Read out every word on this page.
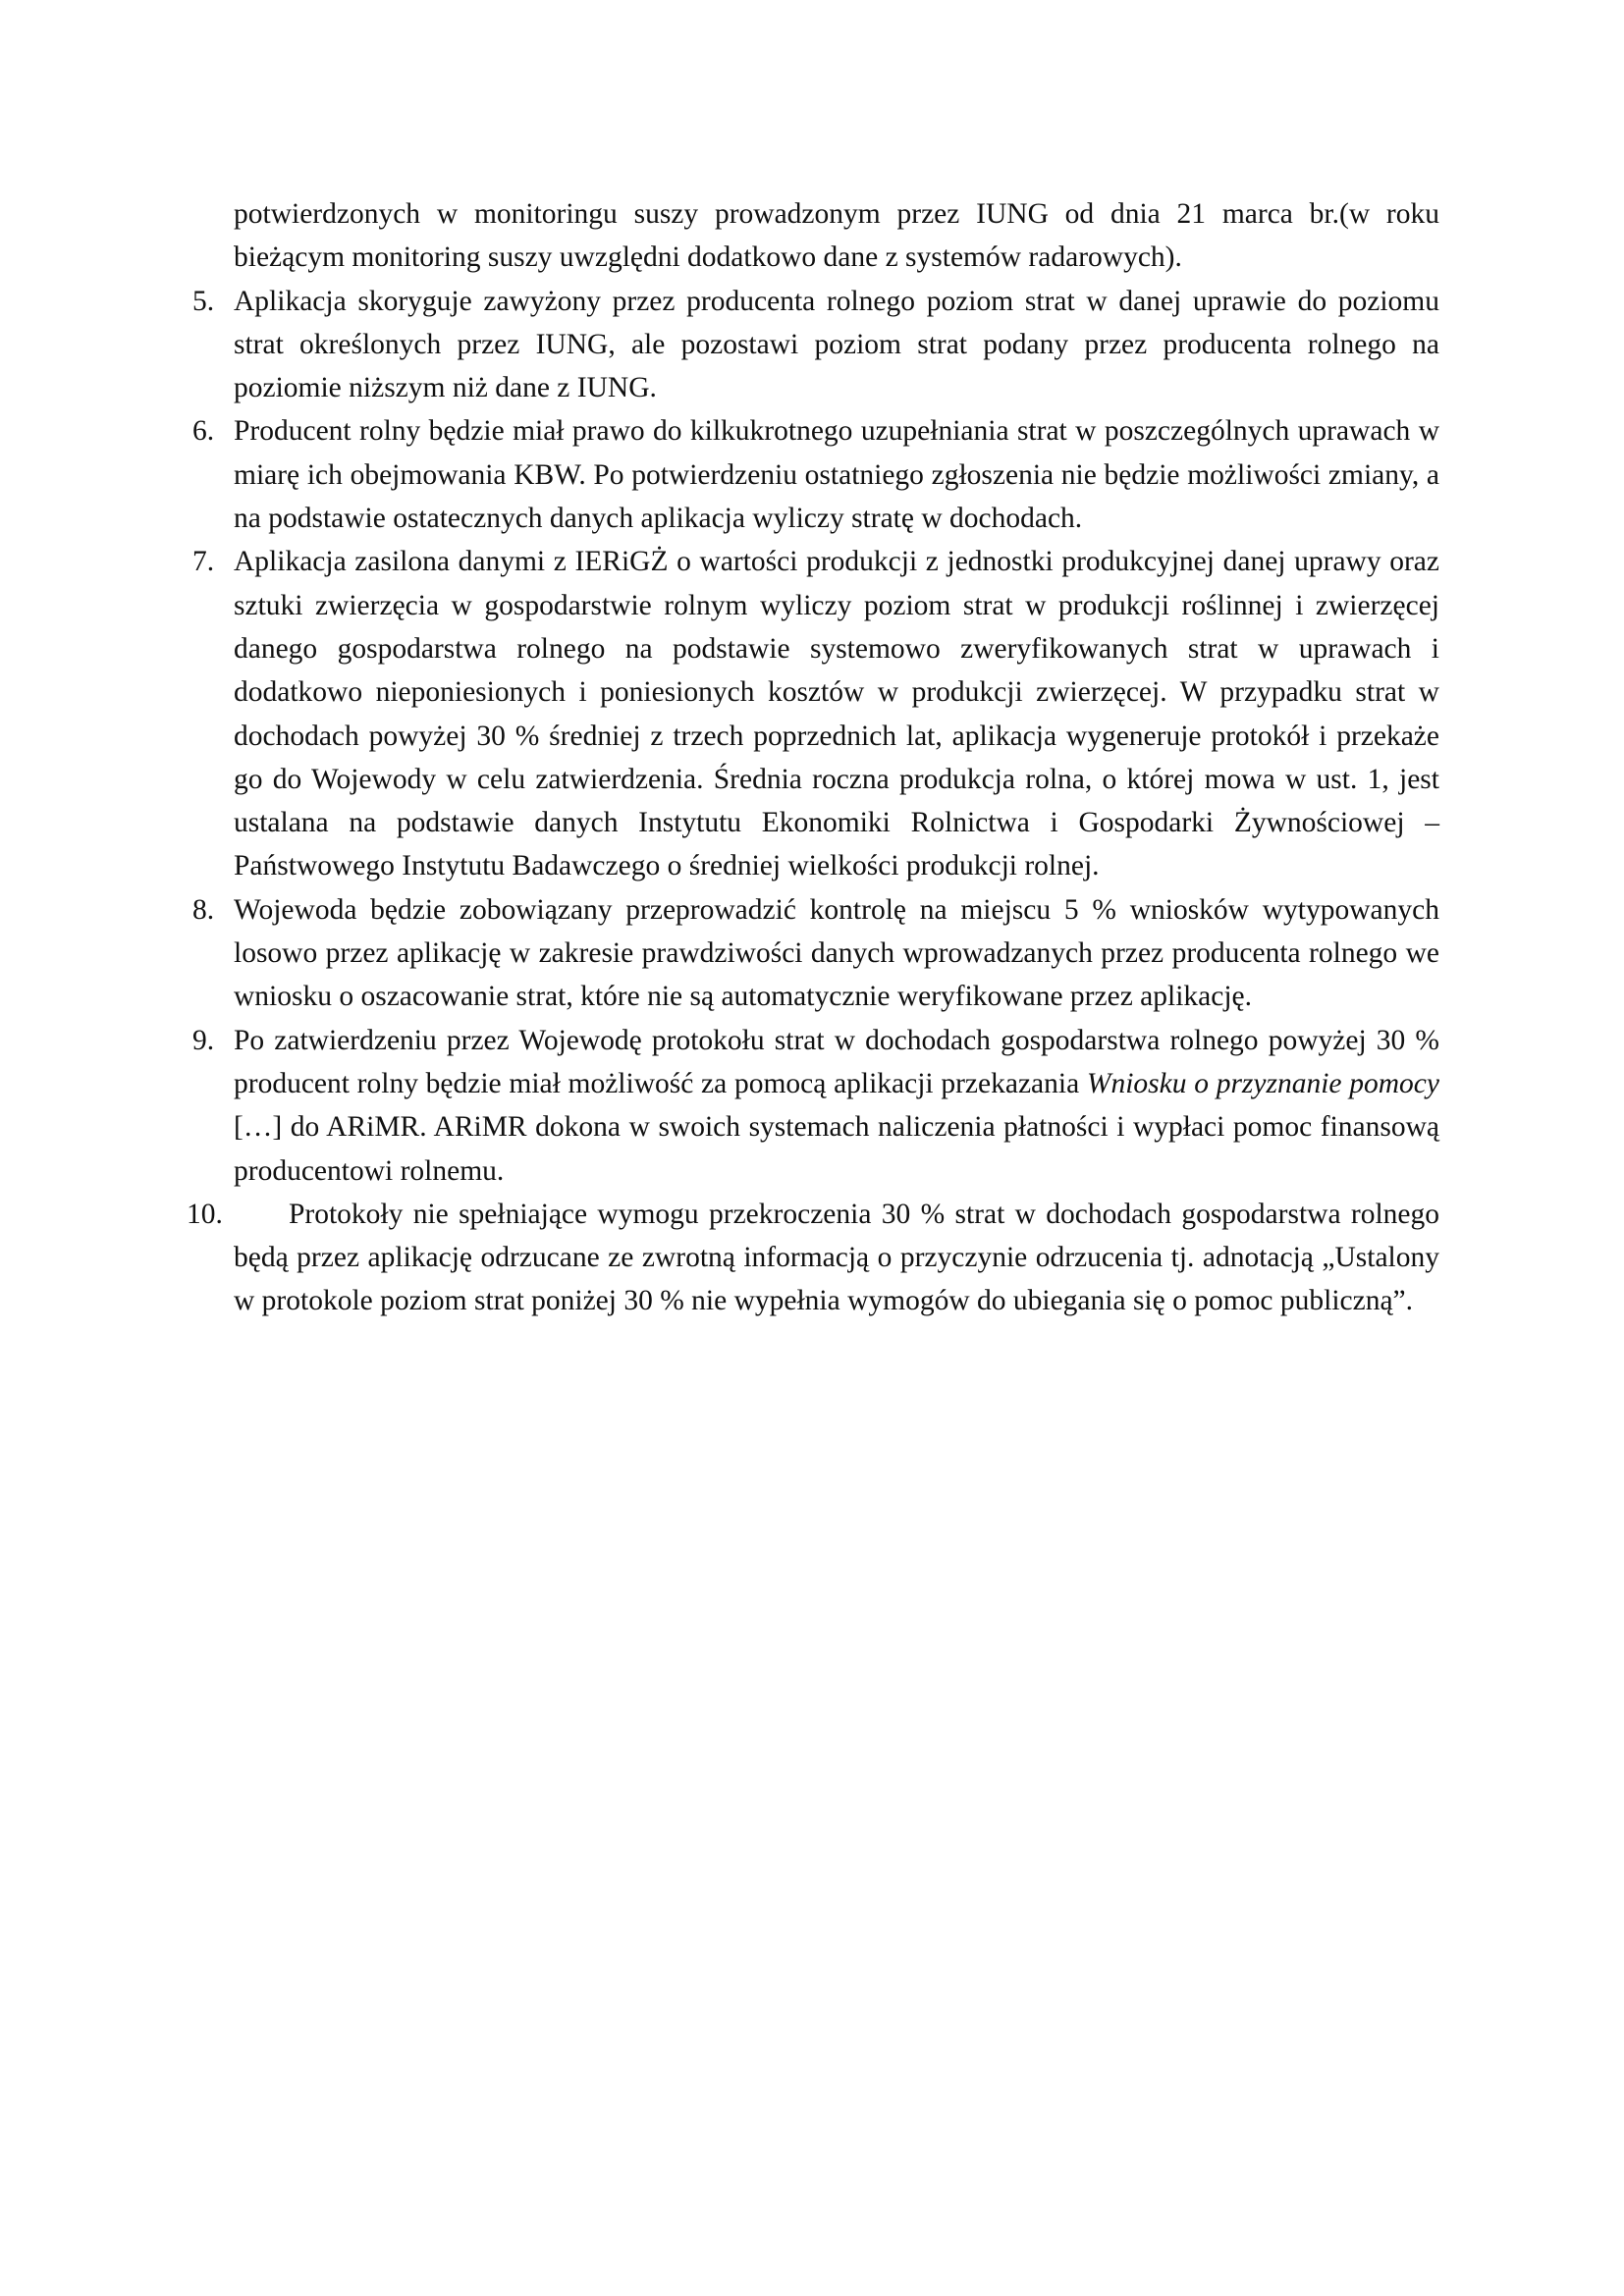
potwierdzonych w monitoringu suszy prowadzonym przez IUNG od dnia 21 marca br.(w roku bieżącym monitoring suszy uwzględni dodatkowo dane z systemów radarowych).

5. Aplikacja skoryguje zawyżony przez producenta rolnego poziom strat w danej uprawie do poziomu strat określonych przez IUNG, ale pozostawi poziom strat podany przez producenta rolnego na poziomie niższym niż dane z IUNG.
6. Producent rolny będzie miał prawo do kilkukrotnego uzupełniania strat w poszczególnych uprawach w miarę ich obejmowania KBW. Po potwierdzeniu ostatniego zgłoszenia nie będzie możliwości zmiany, a na podstawie ostatecznych danych aplikacja wyliczy stratę w dochodach.
7. Aplikacja zasilona danymi z IERiGŻ o wartości produkcji z jednostki produkcyjnej danej uprawy oraz sztuki zwierzęcia w gospodarstwie rolnym wyliczy poziom strat w produkcji roślinnej i zwierzęcej danego gospodarstwa rolnego na podstawie systemowo zweryfikowanych strat w uprawach i dodatkowo nieponiesionych i poniesionych kosztów w produkcji zwierzęcej. W przypadku strat w dochodach powyżej 30 % średniej z trzech poprzednich lat, aplikacja wygeneruje protokół i przekaże go do Wojewody w celu zatwierdzenia. Średnia roczna produkcja rolna, o której mowa w ust. 1, jest ustalana na podstawie danych Instytutu Ekonomiki Rolnictwa i Gospodarki Żywnościowej – Państwowego Instytutu Badawczego o średniej wielkości produkcji rolnej.
8. Wojewoda będzie zobowiązany przeprowadzić kontrolę na miejscu 5 % wniosków wytypowanych losowo przez aplikację w zakresie prawdziwości danych wprowadzanych przez producenta rolnego we wniosku o oszacowanie strat, które nie są automatycznie weryfikowane przez aplikację.
9. Po zatwierdzeniu przez Wojewodę protokołu strat w dochodach gospodarstwa rolnego powyżej 30 % producent rolny będzie miał możliwość za pomocą aplikacji przekazania Wniosku o przyznanie pomocy […] do ARiMR. ARiMR dokona w swoich systemach naliczenia płatności i wypłaci pomoc finansową producentowi rolnemu.
10.	Protokoły nie spełniające wymogu przekroczenia 30 % strat w dochodach gospodarstwa rolnego będą przez aplikację odrzucane ze zwrotną informacją o przyczynie odrzucenia tj. adnotacją „Ustalony w protokole poziom strat poniżej 30 % nie wypełnia wymogów do ubiegania się o pomoc publiczną”.
